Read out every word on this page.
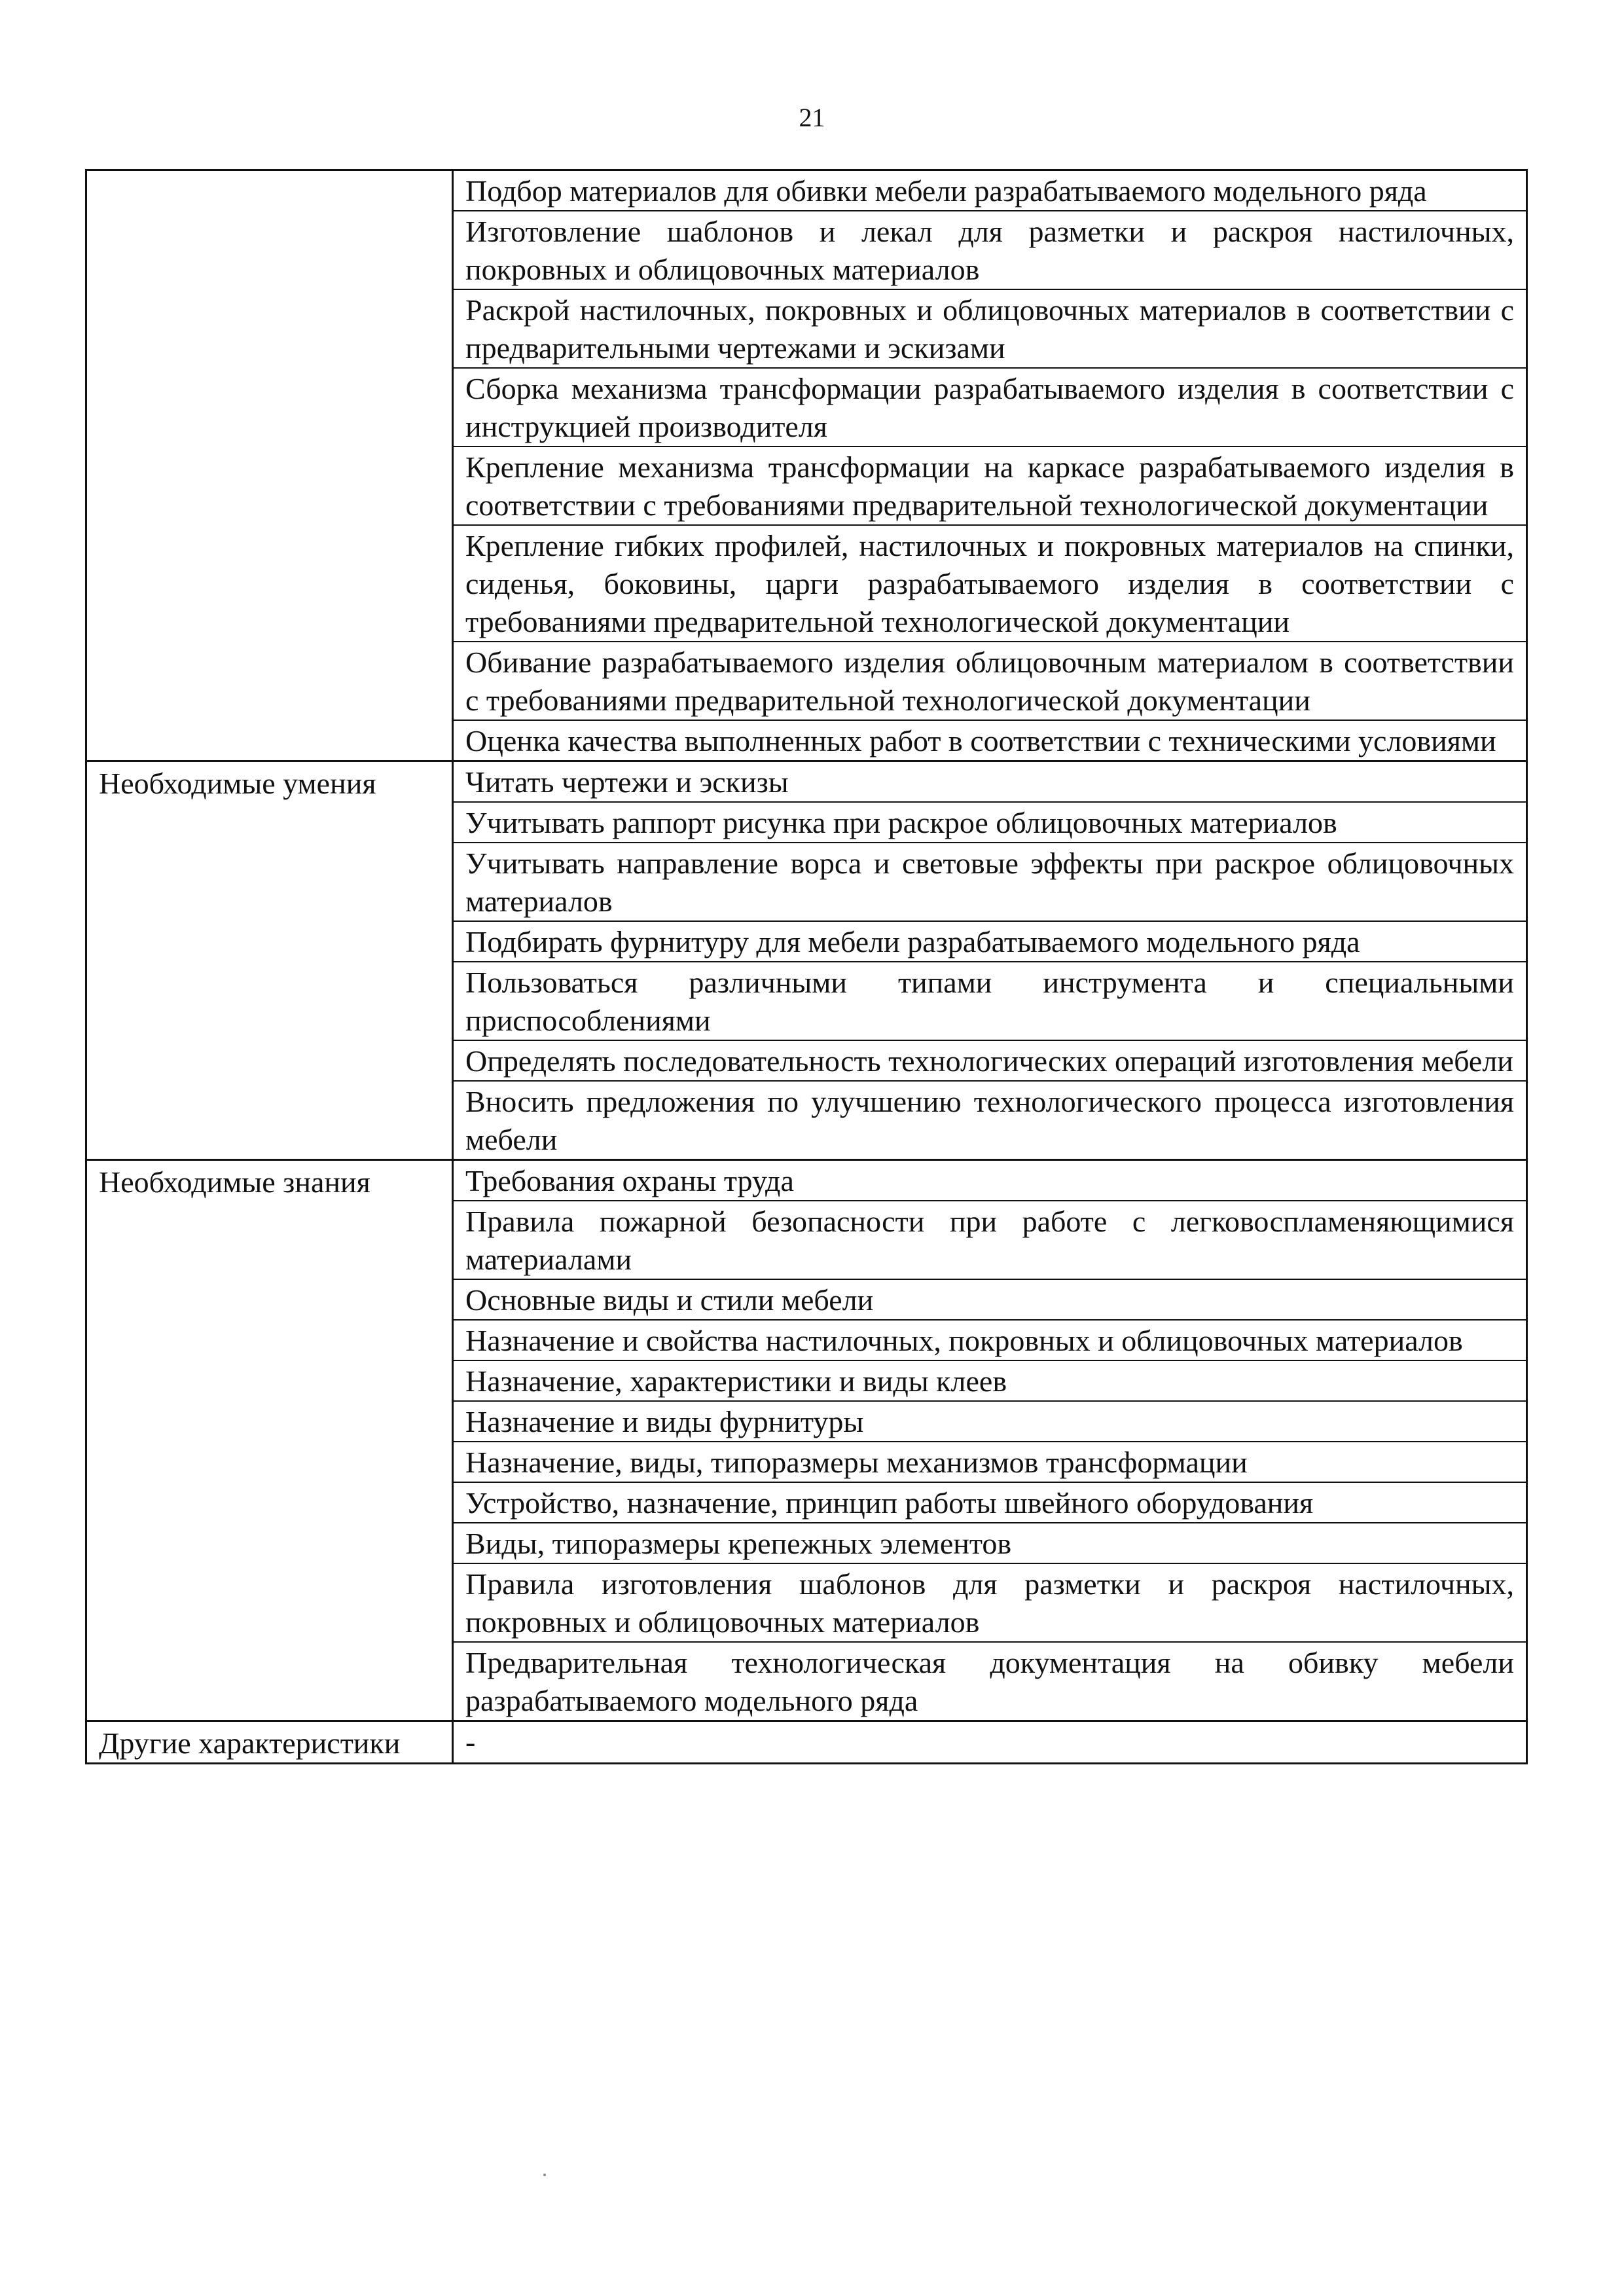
21
Подбор материалов для обивки мебели разрабатываемого модельного ряда
Изготовление шаблонов и лекал для разметки и раскроя настилочных, покровных и облицовочных материалов
Раскрой настилочных, покровных и облицовочных материалов в соответствии с предварительными чертежами и эскизами
Сборка механизма трансформации разрабатываемого изделия в соответствии с инструкцией производителя
Крепление механизма трансформации на каркасе разрабатываемого изделия в соответствии с требованиями предварительной технологической документации
Крепление гибких профилей, настилочных и покровных материалов на спинки, сиденья, боковины, царги разрабатываемого изделия в соответствии с требованиями предварительной технологической документации
Обивание разрабатываемого изделия облицовочным материалом в соответствии с требованиями предварительной технологической документации
Оценка качества выполненных работ в соответствии с техническими условиями
Необходимые умения	Читать чертежи и эскизы
Учитывать раппорт рисунка при раскрое облицовочных материалов
Учитывать направление ворса и световые эффекты при раскрое облицовочных материалов
Подбирать фурнитуру для мебели разрабатываемого модельного ряда
Пользоваться различными типами инструмента и специальными приспособлениями
Определять последовательность технологических операций изготовления мебели
Вносить предложения по улучшению технологического процесса изготовления мебели
Необходимые знания	Требования охраны труда
Правила пожарной безопасности при работе с легковоспламеняющимися материалами
Основные виды и стили мебели
Назначение и свойства настилочных, покровных и облицовочных материалов
Назначение, характеристики и виды клеев
Назначение и виды фурнитуры
Назначение, виды, типоразмеры механизмов трансформации
Устройство, назначение, принцип работы швейного оборудования
Виды, типоразмеры крепежных элементов
Правила изготовления шаблонов для разметки и раскроя настилочных, покровных и облицовочных материалов
Предварительная технологическая документация на обивку мебели разрабатываемого модельного ряда
Другие характеристики	-
